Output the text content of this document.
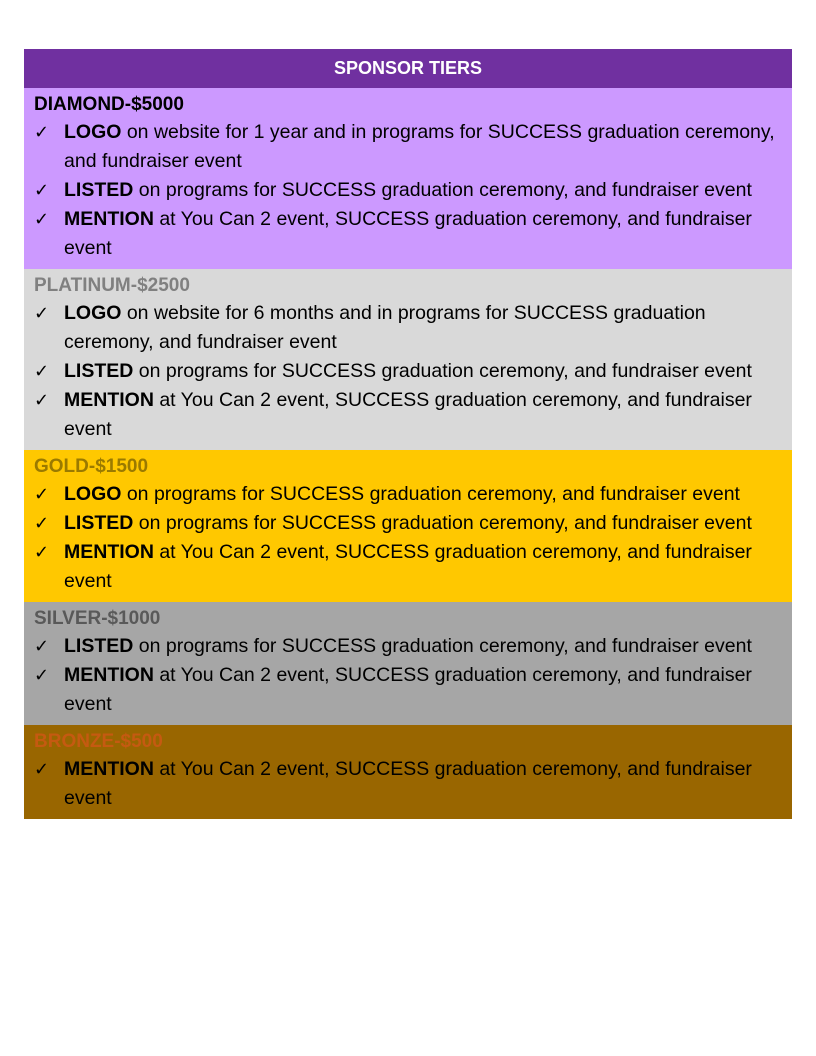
SPONSOR TIERS
DIAMOND-$5000
✓ LOGO on website for 1 year and in programs for SUCCESS graduation ceremony, and fundraiser event
✓ LISTED on programs for SUCCESS graduation ceremony, and fundraiser event
✓ MENTION at You Can 2 event, SUCCESS graduation ceremony, and fundraiser event
PLATINUM-$2500
✓ LOGO on website for 6 months and in programs for SUCCESS graduation ceremony, and fundraiser event
✓ LISTED on programs for SUCCESS graduation ceremony, and fundraiser event
✓ MENTION at You Can 2 event, SUCCESS graduation ceremony, and fundraiser event
GOLD-$1500
✓ LOGO on programs for SUCCESS graduation ceremony, and fundraiser event
✓ LISTED on programs for SUCCESS graduation ceremony, and fundraiser event
✓ MENTION at You Can 2 event, SUCCESS graduation ceremony, and fundraiser event
SILVER-$1000
✓ LISTED on programs for SUCCESS graduation ceremony, and fundraiser event
✓ MENTION at You Can 2 event, SUCCESS graduation ceremony, and fundraiser event
BRONZE-$500
✓ MENTION at You Can 2 event, SUCCESS graduation ceremony, and fundraiser event
